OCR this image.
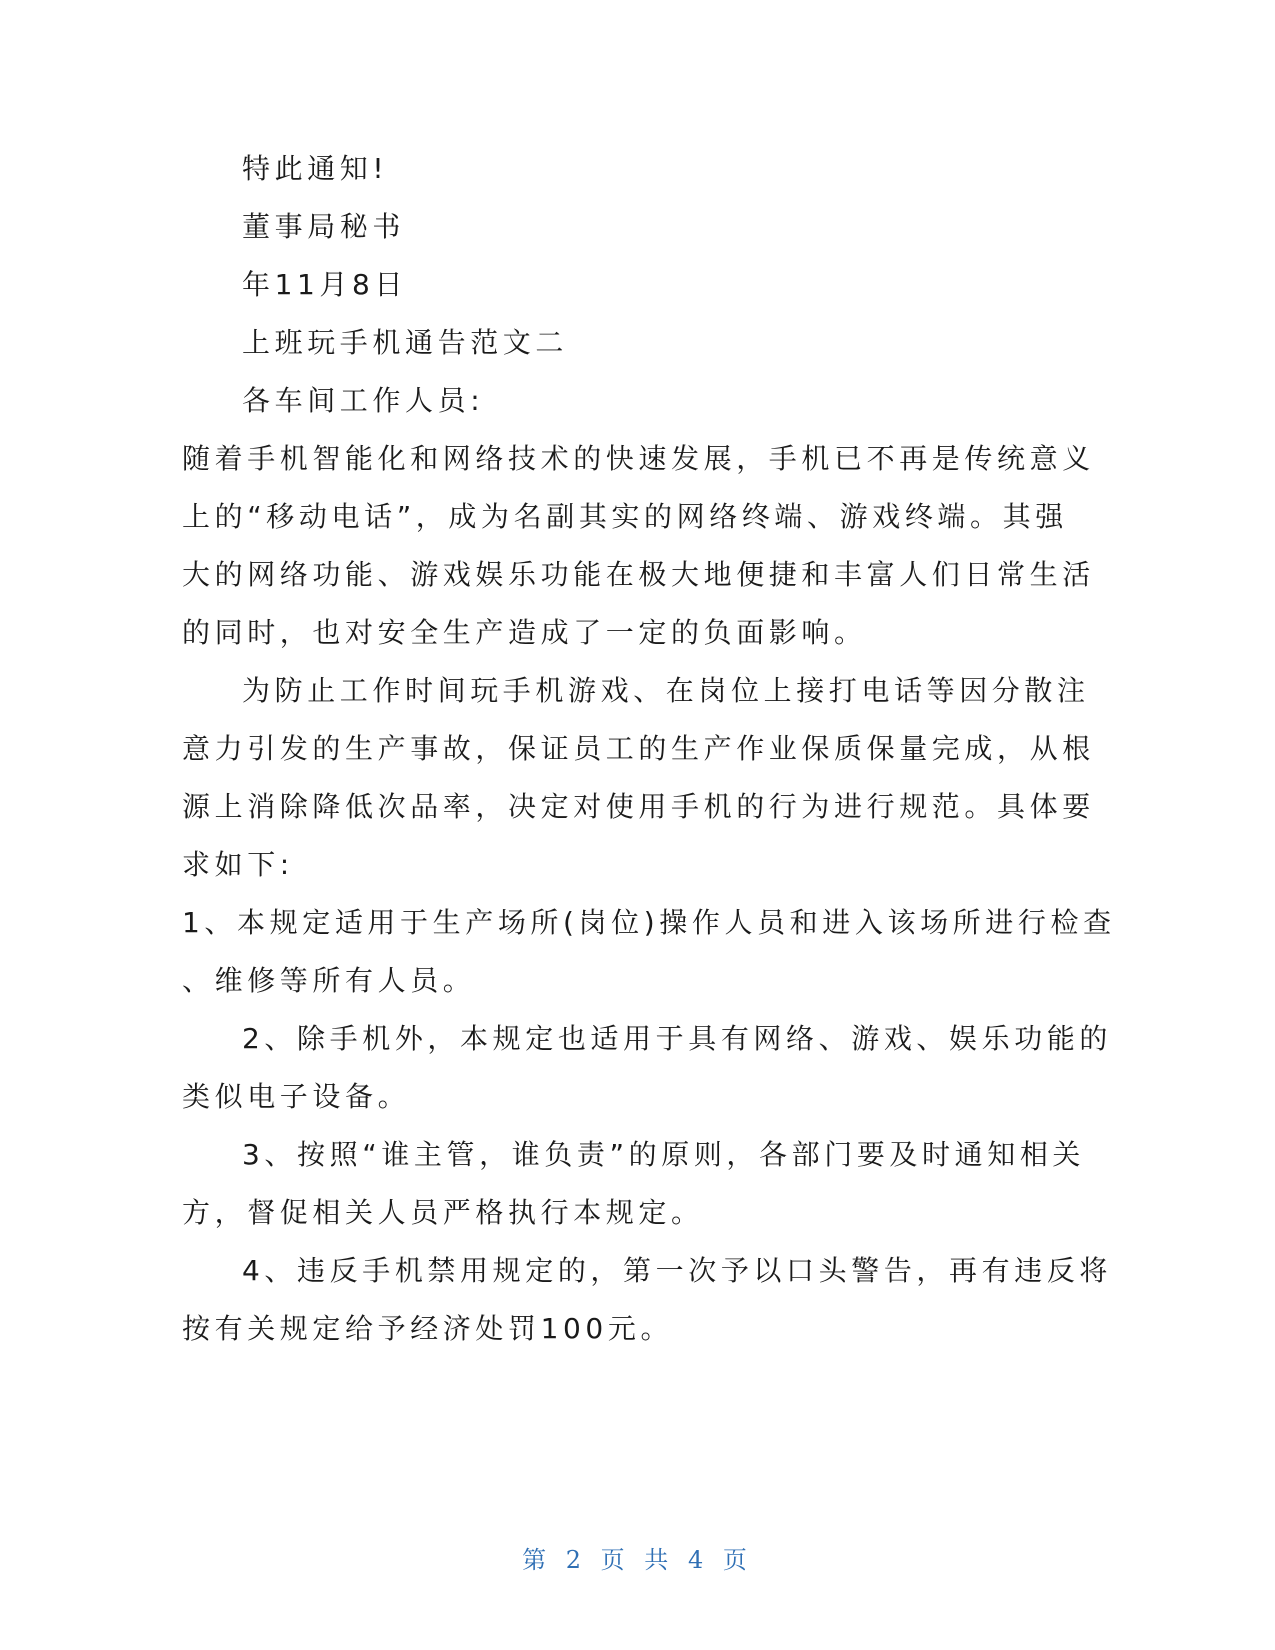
特此通知!
董事局秘书
年11月8日
上班玩手机通告范文二
各车间工作人员:
随着手机智能化和网络技术的快速发展，手机已不再是传统意义
上的“移动电话”，成为名副其实的网络终端、游戏终端。其强
大的网络功能、游戏娱乐功能在极大地便捷和丰富人们日常生活
的同时，也对安全生产造成了一定的负面影响。
为防止工作时间玩手机游戏、在岗位上接打电话等因分散注
意力引发的生产事故，保证员工的生产作业保质保量完成，从根
源上消除降低次品率，决定对使用手机的行为进行规范。具体要
求如下:
1、本规定适用于生产场所(岗位)操作人员和进入该场所进行检查
、维修等所有人员。
2、除手机外，本规定也适用于具有网络、游戏、娱乐功能的
类似电子设备。
3、按照“谁主管，谁负责”的原则，各部门要及时通知相关
方，督促相关人员严格执行本规定。
4、违反手机禁用规定的，第一次予以口头警告，再有违反将
按有关规定给予经济处罚100元。
第 2 页 共 4 页
